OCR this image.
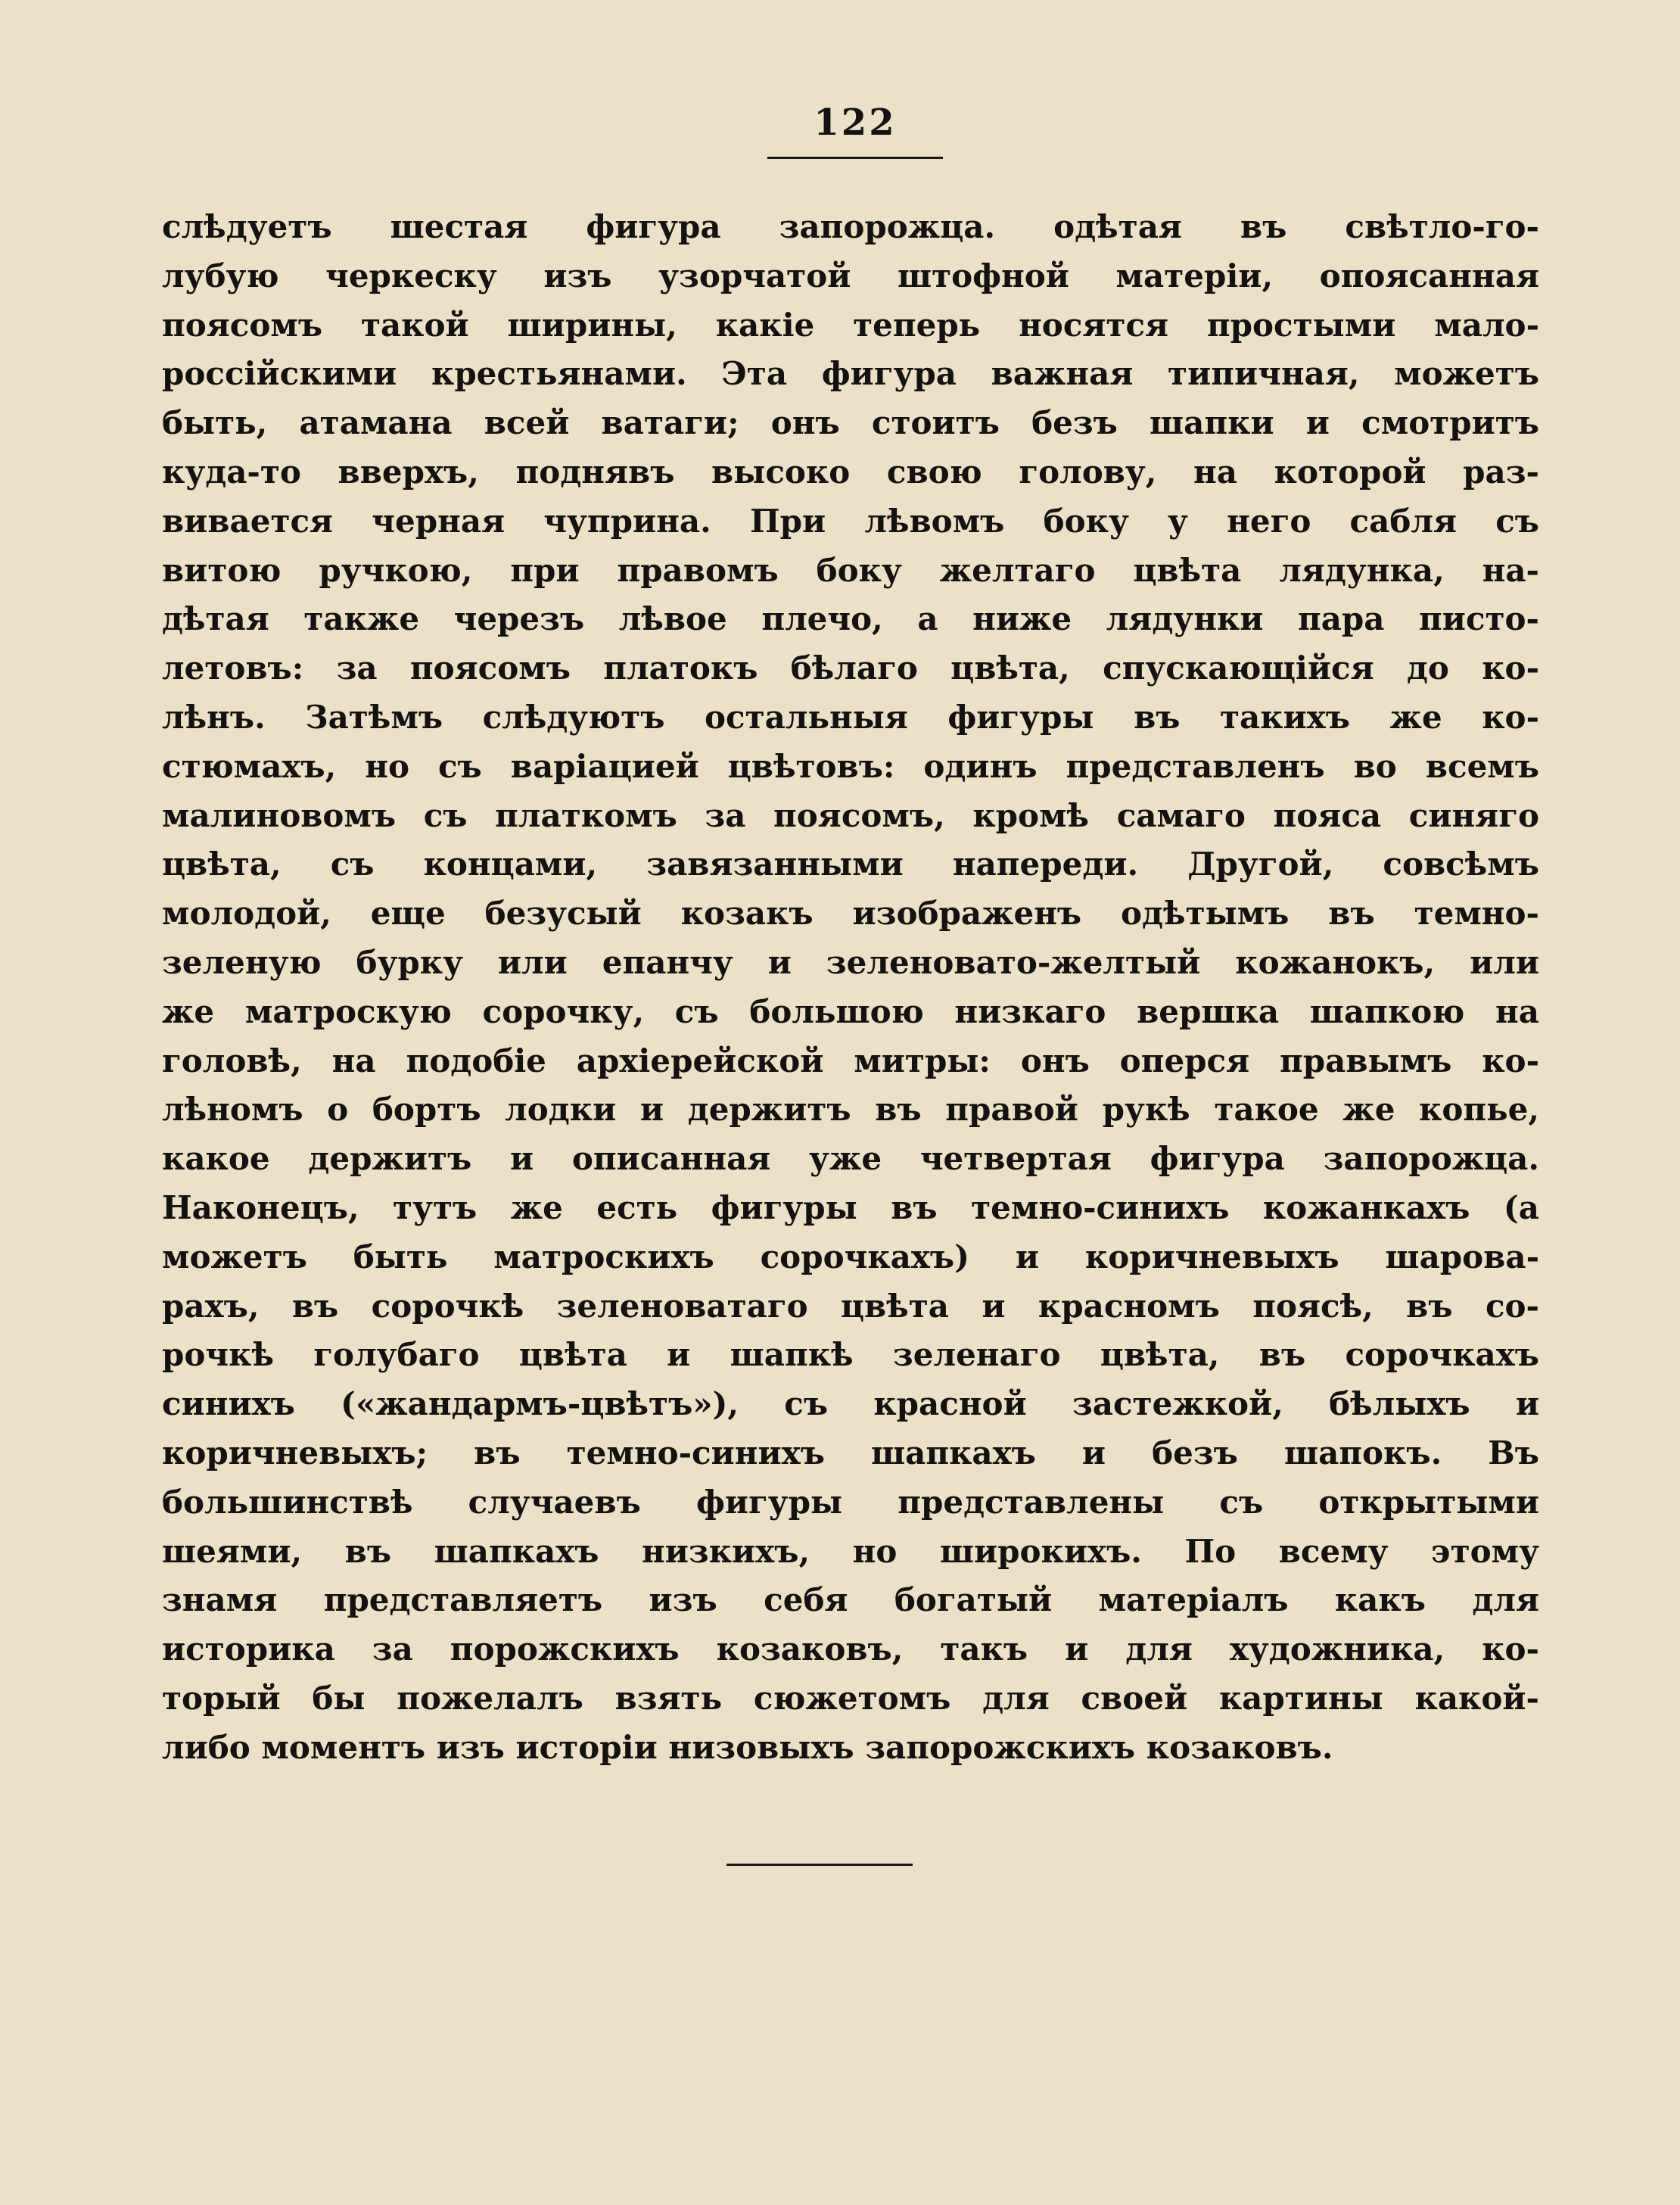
122
слѣдуетъ шестая фигура запорожца. одѣтая въ свѣтло-го-
лубую черкеску изъ узорчатой штофной матеріи, опоясанная
поясомъ такой ширины, какіе теперь носятся простыми мало-
россійскими крестьянами. Эта фигура важная типичная, можетъ
быть, атамана всей ватаги; онъ стоитъ безъ шапки и смотритъ
куда-то вверхъ, поднявъ высоко свою голову, на которой раз-
вивается черная чуприна. При лѣвомъ боку у него сабля съ
витою ручкою, при правомъ боку желтаго цвѣта лядунка, на-
дѣтая также черезъ лѣвое плечо, а ниже лядунки пара писто-
летовъ: за поясомъ платокъ бѣлаго цвѣта, спускающійся до ко-
лѣнъ. Затѣмъ слѣдуютъ остальныя фигуры въ такихъ же ко-
стюмахъ, но съ варіацией цвѣтовъ: одинъ представленъ во всемъ
малиновомъ съ платкомъ за поясомъ, кромѣ самаго пояса синяго
цвѣта, съ концами, завязанными напереди. Другой, совсѣмъ
молодой, еще безусый козакъ изображенъ одѣтымъ въ темно-
зеленую бурку или епанчу и зеленовато-желтый кожанокъ, или
же матроскую сорочку, съ большою низкаго вершка шапкою на
головѣ, на подобіе архіерейской митры: онъ оперся правымъ ко-
лѣномъ о бортъ лодки и держитъ въ правой рукѣ такое же копье,
какое держитъ и описанная уже четвертая фигура запорожца.
Наконецъ, тутъ же есть фигуры въ темно-синихъ кожанкахъ (а
можетъ быть матроскихъ сорочкахъ) и коричневыхъ шарова-
рахъ, въ сорочкѣ зеленоватаго цвѣта и красномъ поясѣ, въ со-
рочкѣ голубаго цвѣта и шапкѣ зеленаго цвѣта, въ сорочкахъ
синихъ («жандармъ-цвѣтъ»), съ красной застежкой, бѣлыхъ и
коричневыхъ; въ темно-синихъ шапкахъ и безъ шапокъ. Въ
большинствѣ случаевъ фигуры представлены съ открытыми
шеями, въ шапкахъ низкихъ, но широкихъ. По всему этому
знамя представляетъ изъ себя богатый матеріалъ какъ для
историка за порожскихъ козаковъ, такъ и для художника, ко-
торый бы пожелалъ взять сюжетомъ для своей картины какой-
либо моментъ изъ исторіи низовыхъ запорожскихъ козаковъ.
